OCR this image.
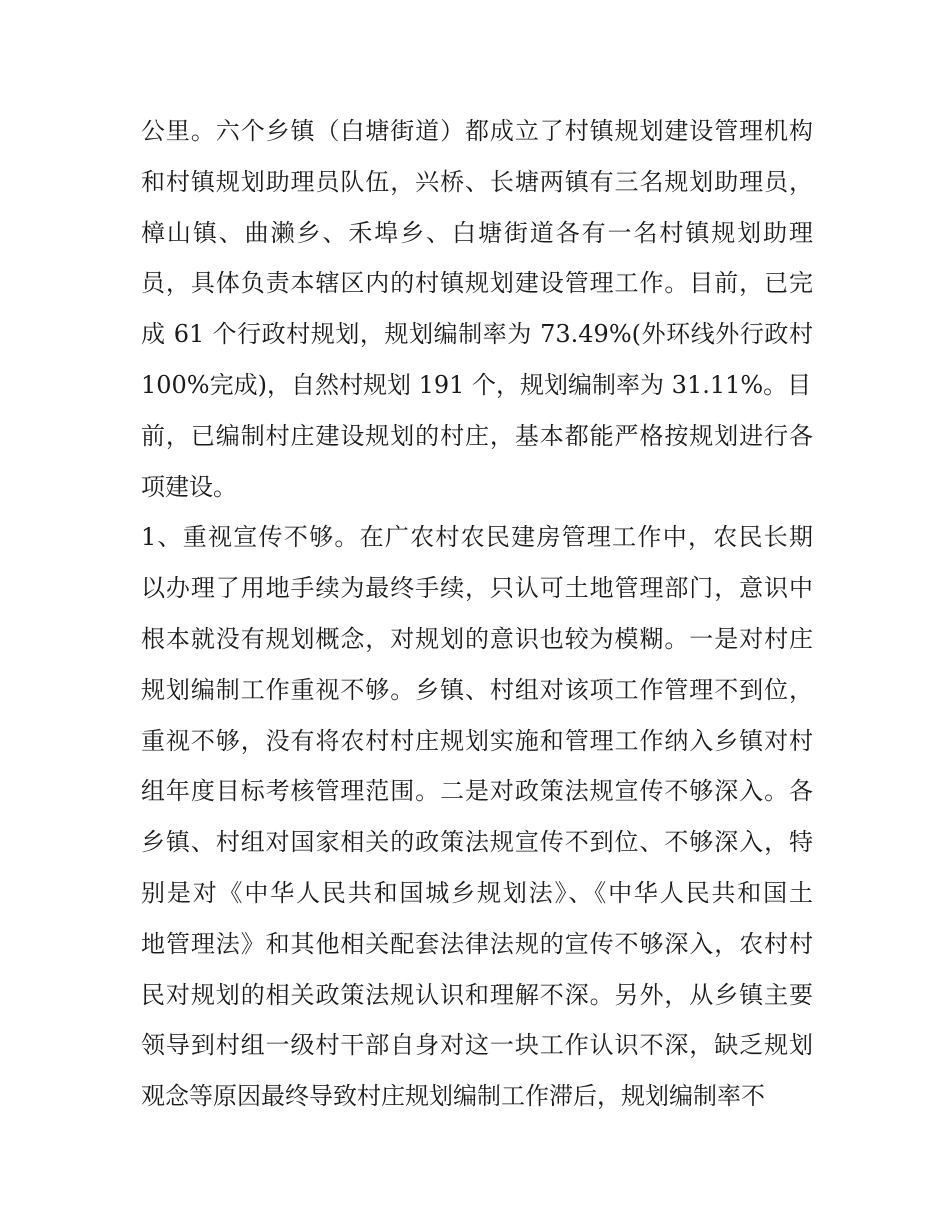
公里。六个乡镇（白塘街道）都成立了村镇规划建设管理机构
和村镇规划助理员队伍，兴桥、长塘两镇有三名规划助理员，
樟山镇、曲濑乡、禾埠乡、白塘街道各有一名村镇规划助理
员，具体负责本辖区内的村镇规划建设管理工作。目前，已完
成 61 个行政村规划，规划编制率为 73.49%(外环线外行政村
100%完成)，自然村规划 191 个，规划编制率为 31.11%。目
前，已编制村庄建设规划的村庄，基本都能严格按规划进行各
项建设。
1、重视宣传不够。在广农村农民建房管理工作中，农民长期
以办理了用地手续为最终手续，只认可土地管理部门，意识中
根本就没有规划概念，对规划的意识也较为模糊。一是对村庄
规划编制工作重视不够。乡镇、村组对该项工作管理不到位，
重视不够，没有将农村村庄规划实施和管理工作纳入乡镇对村
组年度目标考核管理范围。二是对政策法规宣传不够深入。各
乡镇、村组对国家相关的政策法规宣传不到位、不够深入，特
别是对《中华人民共和国城乡规划法》、《中华人民共和国土
地管理法》和其他相关配套法律法规的宣传不够深入，农村村
民对规划的相关政策法规认识和理解不深。另外，从乡镇主要
领导到村组一级村干部自身对这一块工作认识不深，缺乏规划
观念等原因最终导致村庄规划编制工作滞后，规划编制率不
